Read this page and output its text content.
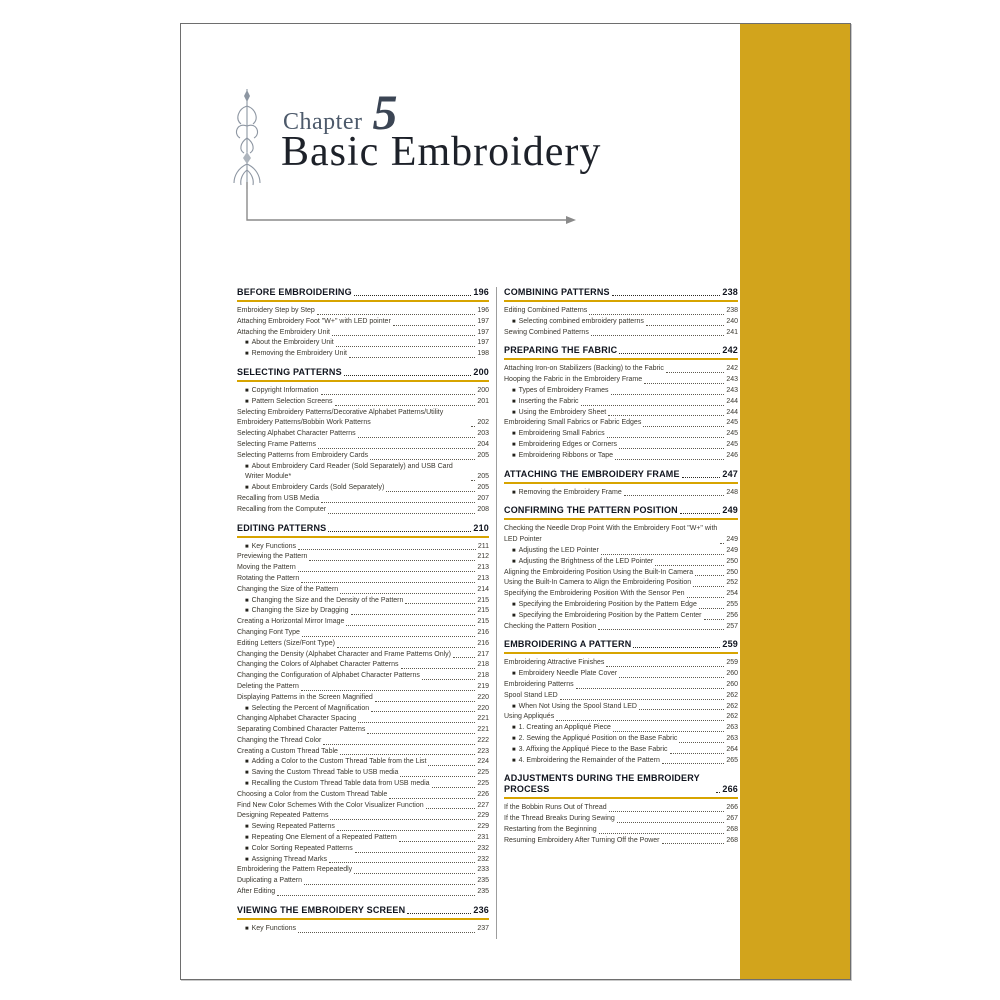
Chapter 5
Basic Embroidery
BEFORE EMBROIDERING	196
Embroidery Step by Step	196
Attaching Embroidery Foot "W+" with LED pointer	197
Attaching the Embroidery Unit	197
■ About the Embroidery Unit	197
■ Removing the Embroidery Unit	198
SELECTING PATTERNS	200
■ Copyright Information	200
■ Pattern Selection Screens	201
Selecting Embroidery Patterns/Decorative Alphabet Patterns/Utility Embroidery Patterns/Bobbin Work Patterns	202
Selecting Alphabet Character Patterns	203
Selecting Frame Patterns	204
Selecting Patterns from Embroidery Cards	205
■ About Embroidery Card Reader (Sold Separately) and USB Card Writer Module*	205
■ About Embroidery Cards (Sold Separately)	205
Recalling from USB Media	207
Recalling from the Computer	208
EDITING PATTERNS	210
■ Key Functions	211
Previewing the Pattern	212
Moving the Pattern	213
Rotating the Pattern	213
Changing the Size of the Pattern	214
■ Changing the Size and the Density of the Pattern	215
■ Changing the Size by Dragging	215
Creating a Horizontal Mirror Image	215
Changing Font Type	216
Editing Letters (Size/Font Type)	216
Changing the Density (Alphabet Character and Frame Patterns Only)	217
Changing the Colors of Alphabet Character Patterns	218
Changing the Configuration of Alphabet Character Patterns	218
Deleting the Pattern	219
Displaying Patterns in the Screen Magnified	220
■ Selecting the Percent of Magnification	220
Changing Alphabet Character Spacing	221
Separating Combined Character Patterns	221
Changing the Thread Color	222
Creating a Custom Thread Table	223
■ Adding a Color to the Custom Thread Table from the List	224
■ Saving the Custom Thread Table to USB media	225
■ Recalling the Custom Thread Table data from USB media	225
Choosing a Color from the Custom Thread Table	226
Find New Color Schemes With the Color Visualizer Function	227
Designing Repeated Patterns	229
■ Sewing Repeated Patterns	229
■ Repeating One Element of a Repeated Pattern	231
■ Color Sorting Repeated Patterns	232
■ Assigning Thread Marks	232
Embroidering the Pattern Repeatedly	233
Duplicating a Pattern	235
After Editing	235
VIEWING THE EMBROIDERY SCREEN	236
■ Key Functions	237
COMBINING PATTERNS	238
Editing Combined Patterns	238
■ Selecting combined embroidery patterns	240
Sewing Combined Patterns	241
PREPARING THE FABRIC	242
Attaching Iron-on Stabilizers (Backing) to the Fabric	242
Hooping the Fabric in the Embroidery Frame	243
■ Types of Embroidery Frames	243
■ Inserting the Fabric	244
■ Using the Embroidery Sheet	244
Embroidering Small Fabrics or Fabric Edges	245
■ Embroidering Small Fabrics	245
■ Embroidering Edges or Corners	245
■ Embroidering Ribbons or Tape	246
ATTACHING THE EMBROIDERY FRAME	247
■ Removing the Embroidery Frame	248
CONFIRMING THE PATTERN POSITION	249
Checking the Needle Drop Point With the Embroidery Foot "W+" with LED Pointer	249
■ Adjusting the LED Pointer	249
■ Adjusting the Brightness of the LED Pointer	250
Aligning the Embroidering Position Using the Built-In Camera	250
Using the Built-In Camera to Align the Embroidering Position	252
Specifying the Embroidering Position With the Sensor Pen	254
■ Specifying the Embroidering Position by the Pattern Edge	255
■ Specifying the Embroidering Position by the Pattern Center	256
Checking the Pattern Position	257
EMBROIDERING A PATTERN	259
Embroidering Attractive Finishes	259
■ Embroidery Needle Plate Cover	260
Embroidering Patterns	260
Spool Stand LED	262
■ When Not Using the Spool Stand LED	262
Using Appliqués	262
■ 1. Creating an Appliqué Piece	263
■ 2. Sewing the Appliqué Position on the Base Fabric	263
■ 3. Affixing the Appliqué Piece to the Base Fabric	264
■ 4. Embroidering the Remainder of the Pattern	265
ADJUSTMENTS DURING THE EMBROIDERY PROCESS	266
If the Bobbin Runs Out of Thread	266
If the Thread Breaks During Sewing	267
Restarting from the Beginning	268
Resuming Embroidery After Turning Off the Power	268
